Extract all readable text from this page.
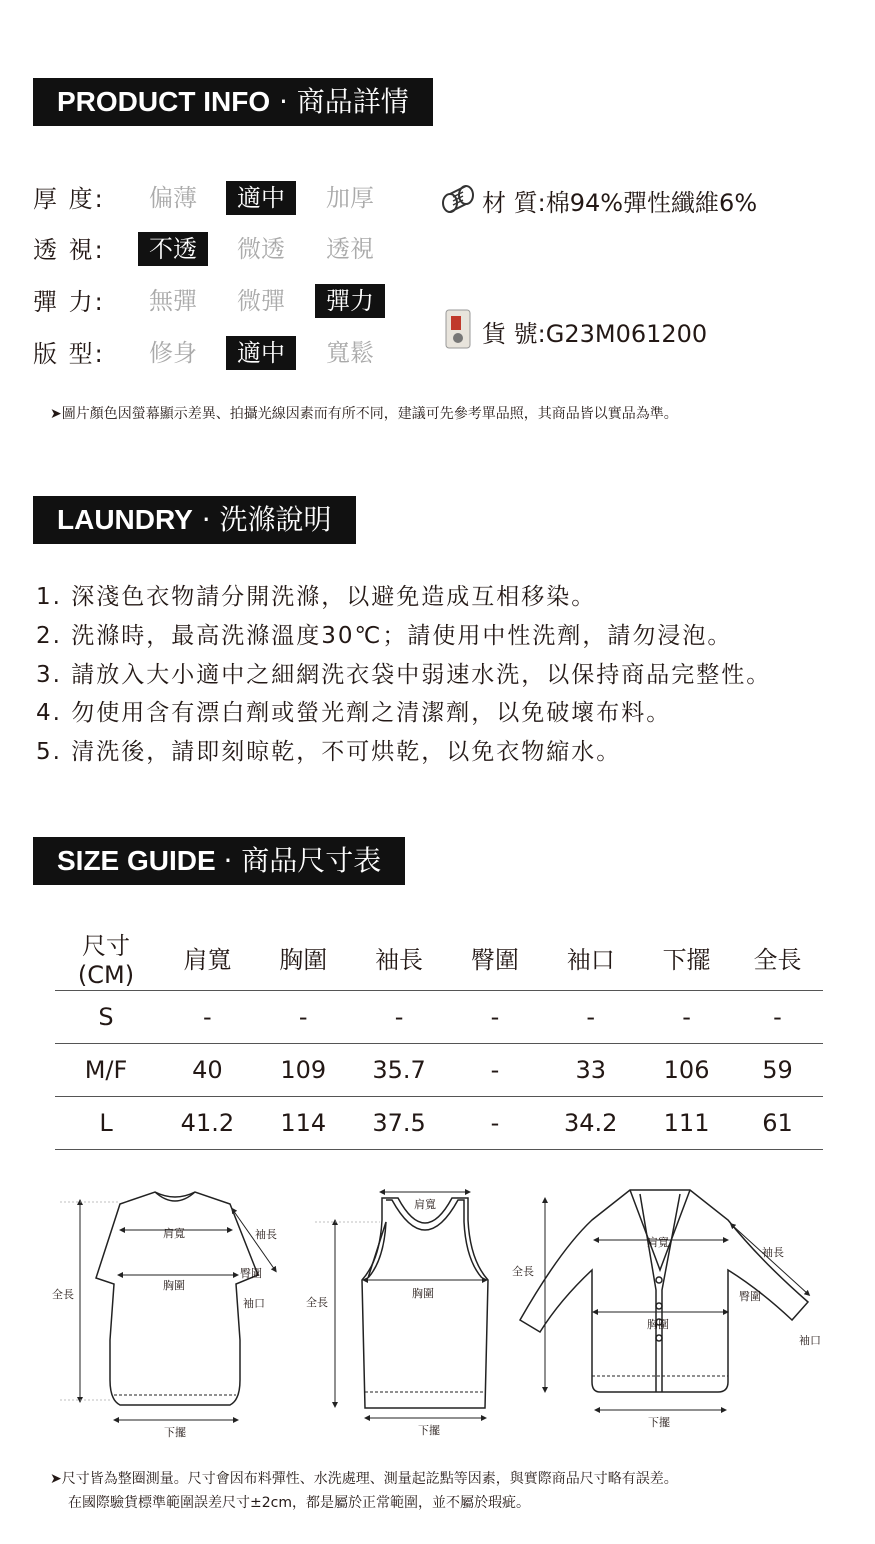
PRODUCT INFO · 商品詳情
厚 度:	偏薄	適中	加厚
透 視:	不透	微透	透視
彈 力:	無彈	微彈	彈力
版 型:	修身	適中	寬鬆
材 質:棉94%彈性纖維6%
貨 號:G23M061200
➤圖片顏色因螢幕顯示差異、拍攝光線因素而有所不同，建議可先參考單品照，其商品皆以實品為準。
LAUNDRY · 洗滌說明
1. 深淺色衣物請分開洗滌，以避免造成互相移染。
2. 洗滌時，最高洗滌溫度30℃；請使用中性洗劑，請勿浸泡。
3. 請放入大小適中之細網洗衣袋中弱速水洗，以保持商品完整性。
4. 勿使用含有漂白劑或螢光劑之清潔劑，以免破壞布料。
5. 清洗後，請即刻晾乾，不可烘乾，以免衣物縮水。
SIZE GUIDE · 商品尺寸表
尺寸(CM)	肩寬	胸圍	袖長	臀圍	袖口	下擺	全長
S	-	-	-	-	-	-	-
M/F	40	109	35.7	-	33	106	59
L	41.2	114	37.5	-	34.2	111	61
肩寬	袖長
臀圍
胸圍
袖口
全長
下擺
肩寬
胸圍
全長
下擺
肩寬
袖長
臀圍
胸圍
袖口
全長
下擺
➤尺寸皆為整圈測量。尺寸會因布料彈性、水洗處理、測量起訖點等因素，與實際商品尺寸略有誤差。
在國際驗貨標準範圍誤差尺寸±2cm，都是屬於正常範圍，並不屬於瑕疵。
